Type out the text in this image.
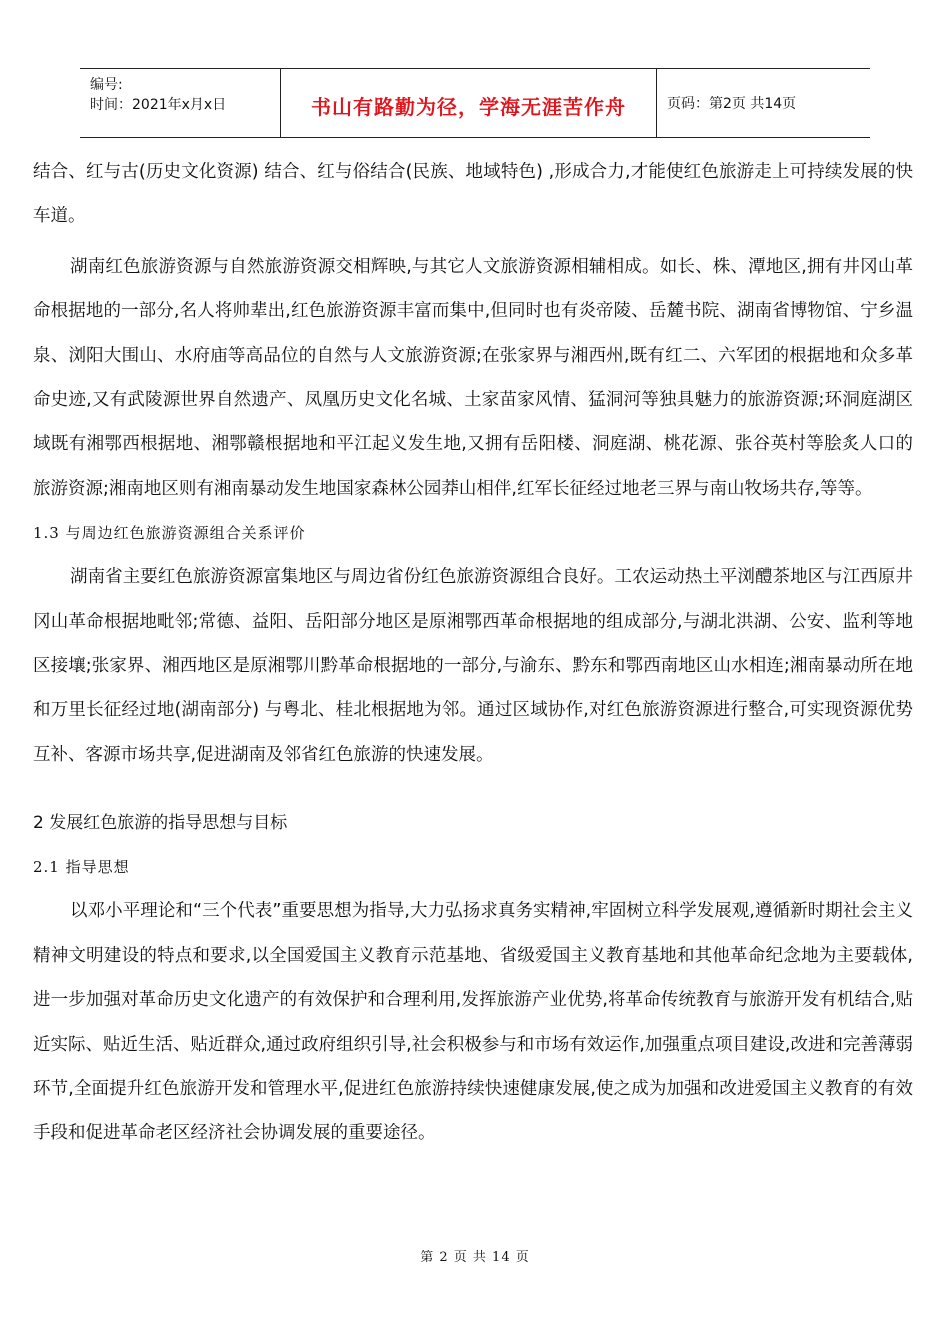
编号:
时间：2021年x月x日	书山有路勤为径，学海无涯苦作舟	页码：第2页 共14页

结合、红与古(历史文化资源) 结合、红与俗结合(民族、地域特色) ,形成合力,才能使红色旅游走上可持续发展的快车道。

湖南红色旅游资源与自然旅游资源交相辉映,与其它人文旅游资源相辅相成。如长、株、潭地区,拥有井冈山革命根据地的一部分,名人将帅辈出,红色旅游资源丰富而集中,但同时也有炎帝陵、岳麓书院、湖南省博物馆、宁乡温泉、浏阳大围山、水府庙等高品位的自然与人文旅游资源;在张家界与湘西州,既有红二、六军团的根据地和众多革命史迹,又有武陵源世界自然遗产、凤凰历史文化名城、土家苗家风情、猛洞河等独具魅力的旅游资源;环洞庭湖区域既有湘鄂西根据地、湘鄂赣根据地和平江起义发生地,又拥有岳阳楼、洞庭湖、桃花源、张谷英村等脍炙人口的旅游资源;湘南地区则有湘南暴动发生地国家森林公园莽山相伴,红军长征经过地老三界与南山牧场共存,等等。

1.3 与周边红色旅游资源组合关系评价

湖南省主要红色旅游资源富集地区与周边省份红色旅游资源组合良好。工农运动热土平浏醴茶地区与江西原井冈山革命根据地毗邻;常德、益阳、岳阳部分地区是原湘鄂西革命根据地的组成部分,与湖北洪湖、公安、监利等地区接壤;张家界、湘西地区是原湘鄂川黔革命根据地的一部分,与渝东、黔东和鄂西南地区山水相连;湘南暴动所在地和万里长征经过地(湖南部分) 与粤北、桂北根据地为邻。通过区域协作,对红色旅游资源进行整合,可实现资源优势互补、客源市场共享,促进湖南及邻省红色旅游的快速发展。

2 发展红色旅游的指导思想与目标

2.1 指导思想

以邓小平理论和“三个代表”重要思想为指导,大力弘扬求真务实精神,牢固树立科学发展观,遵循新时期社会主义精神文明建设的特点和要求,以全国爱国主义教育示范基地、省级爱国主义教育基地和其他革命纪念地为主要载体,进一步加强对革命历史文化遗产的有效保护和合理利用,发挥旅游产业优势,将革命传统教育与旅游开发有机结合,贴近实际、贴近生活、贴近群众,通过政府组织引导,社会积极参与和市场有效运作,加强重点项目建设,改进和完善薄弱环节,全面提升红色旅游开发和管理水平,促进红色旅游持续快速健康发展,使之成为加强和改进爱国主义教育的有效手段和促进革命老区经济社会协调发展的重要途径。

第 2 页 共 14 页
